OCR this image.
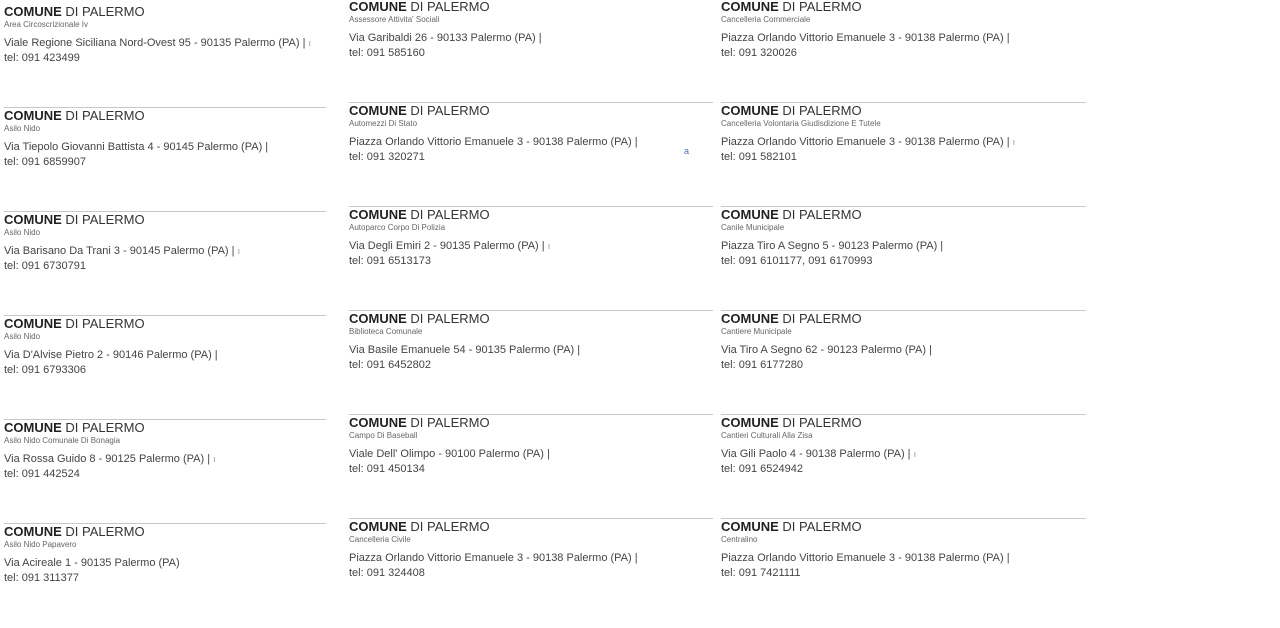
COMUNE DI PALERMO
Area Circoscrizionale Iv
Viale Regione Siciliana Nord-Ovest 95 - 90135 Palermo (PA) | ı
tel: 091 423499
COMUNE DI PALERMO
Asilo Nido
Via Tiepolo Giovanni Battista 4 - 90145 Palermo (PA) |
tel: 091 6859907
COMUNE DI PALERMO
Asilo Nido
Via Barisano Da Trani 3 - 90145 Palermo (PA) | ı
tel: 091 6730791
COMUNE DI PALERMO
Asilo Nido
Via D'Alvise Pietro 2 - 90146 Palermo (PA) |
tel: 091 6793306
COMUNE DI PALERMO
Asilo Nido Comunale Di Bonagia
Via Rossa Guido 8 - 90125 Palermo (PA) | ı
tel: 091 442524
COMUNE DI PALERMO
Asilo Nido Papavero
Via Acireale 1 - 90135 Palermo (PA)
tel: 091 311377
COMUNE DI PALERMO
Assessore Attivita' Sociali
Via Garibaldi 26 - 90133 Palermo (PA) |
tel: 091 585160
COMUNE DI PALERMO
Automezzi Di Stato
Piazza Orlando Vittorio Emanuele 3 - 90138 Palermo (PA) |
tel: 091 320271
COMUNE DI PALERMO
Autoparco Corpo Di Polizia
Via Degli Emiri 2 - 90135 Palermo (PA) | ı
tel: 091 6513173
COMUNE DI PALERMO
Biblioteca Comunale
Via Basile Emanuele 54 - 90135 Palermo (PA) |
tel: 091 6452802
COMUNE DI PALERMO
Campo Di Baseball
Viale Dell' Olimpo - 90100 Palermo (PA) |
tel: 091 450134
COMUNE DI PALERMO
Cancelleria Civile
Piazza Orlando Vittorio Emanuele 3 - 90138 Palermo (PA) |
tel: 091 324408
COMUNE DI PALERMO
Cancelleria Commerciale
Piazza Orlando Vittorio Emanuele 3 - 90138 Palermo (PA) |
tel: 091 320026
COMUNE DI PALERMO
Cancelleria Volontaria Giudisdizione E Tutele
Piazza Orlando Vittorio Emanuele 3 - 90138 Palermo (PA) | ı
tel: 091 582101
COMUNE DI PALERMO
Canile Municipale
Piazza Tiro A Segno 5 - 90123 Palermo (PA) |
tel: 091 6101177, 091 6170993
COMUNE DI PALERMO
Cantiere Municipale
Via Tiro A Segno 62 - 90123 Palermo (PA) |
tel: 091 6177280
COMUNE DI PALERMO
Cantieri Culturali Alla Zisa
Via Gili Paolo 4 - 90138 Palermo (PA) | ı
tel: 091 6524942
COMUNE DI PALERMO
Centralino
Piazza Orlando Vittorio Emanuele 3 - 90138 Palermo (PA) |
tel: 091 7421111
a
